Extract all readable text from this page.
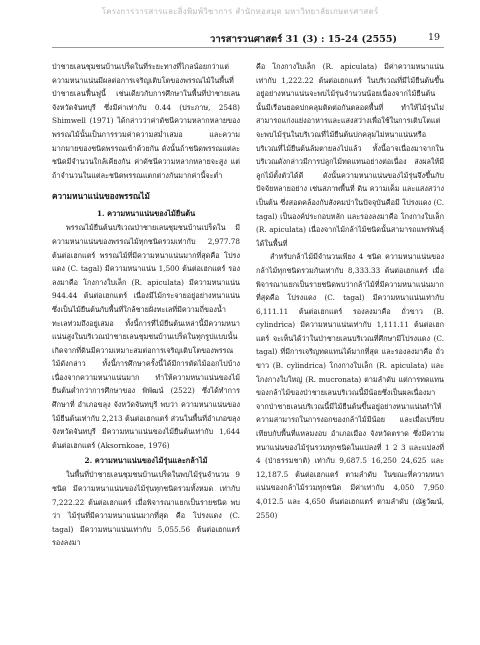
โครงการวารสารและสิ่งพิมพ์วิชาการ สำนักหอสมุด มหาวิทยาลัยเกษตรศาสตร์
วารสารวนศาสตร์ 31 (3) : 15-24 (2555)	19

ป่าชายเลนชุมชนบ้านเปร็ดในที่ระยะทางที่ไกลน้อยกว่าแต่ความหนาแน่นมีผลต่อการเจริญเติบโตของพรรณไม้ในพื้นที่ป่าชายเลนฟื้นฟูนี้ เช่นเดียวกับการศึกษาในพื้นที่ป่าชายเลนจังหวัดจันทบุรี ซึ่งมีค่าเท่ากับ 0.44 (ประภาษ, 2548) Shimwell (1971) ได้กล่าวว่าค่าดัชนีความหลากหลายของพรรณไม้นั้นเป็นการรวมค่าความสม่ำเสมอ และความมากมายของชนิดพรรณเข้าด้วยกัน ดังนั้นถ้าชนิดพรรณแต่ละชนิดมีจำนวนใกล้เคียงกัน ค่าดัชนีความหลากหลายจะสูง แต่ถ้าจำนวนในแต่ละชนิดพรรณแตกต่างกันมากค่านี้จะต่ำ

ความหนาแน่นของพรรณไม้
1. ความหนาแน่นของไม้ยืนต้น

พรรณไม้ยืนต้นบริเวณป่าชายเลนชุมชนบ้านเปร็ดใน มีความหนาแน่นของพรรณไม้ทุกชนิดรวมเท่ากับ 2,977.78 ต้นต่อเฮกแตร์ พรรณไม้ที่มีความหนาแน่นมากที่สุดคือ โปรงแดง (C. tagal) มีความหนาแน่น 1,500 ต้นต่อเฮกแตร์ รองลงมาคือ โกงกางใบเล็ก (R. apiculata) มีความหนาแน่น 944.44 ต้นต่อเฮกแตร์ เนื่องมีไม้กระจายอยู่อย่างหนาแน่นซึ่งเป็นไม้ยืนต้นกับพื้นที่ใกล้ชายฝั่งทะเลที่มีความถี่ของน้ำทะเลท่วมถึงอยู่เสมอ ทั้งนี้การที่ไม้ยืนต้นเหล่านี้มีความหนาแน่นสูงในบริเวณป่าชายเลนชุมชนบ้านเปร็ดในทุกรูปแบบนั้นเกิดจากที่ดินมีความเหมาะสมต่อการเจริญเติบโตของพรรณไม้ดังกล่าว ทั้งนี้การศึกษาครั้งนี้ได้มีการตัดไม้ออกไปบ้างเนื่องจากความหนาแน่นมาก ทำให้ความหนาแน่นของไม้ยืนต้นต่ำกว่าการศึกษาของ พิพัฒน์ (2522) ซึ่งได้ทำการศึกษาที่ อำเภอขลุง จังหวัดจันทบุรี พบว่า ความหนาแน่นของไม้ยืนต้นเท่ากับ 2,213 ต้นต่อเฮกแตร์ ส่วนในพื้นที่อำเภอขลุง จังหวัดจันทบุรี มีความหนาแน่นของไม้ยืนต้นเท่ากับ 1,644 ต้นต่อเฮกแตร์ (Aksornkoae, 1976)

2. ความหนาแน่นของไม้รุ่นและกล้าไม้

ในพื้นที่ป่าชายเลนชุมชนบ้านเปร็ดในพบไม้รุ่นจำนวน 9 ชนิด มีความหนาแน่นของไม้รุ่นทุกชนิดรวมทั้งหมด เท่ากับ 7,222.22 ต้นต่อเฮกแตร์ เมื่อพิจารณาแยกเป็นรายชนิด พบว่า ไม้รุ่นที่มีความหนาแน่นมากที่สุด คือ โปรงแดง (C. tagal) มีความหนาแน่นเท่ากับ 5,055.56 ต้นต่อเฮกแตร์ รองลงมา

คือ โกงกางใบเล็ก (R. apiculata) มีค่าความหนาแน่นเท่ากับ 1,222.22 ต้นต่อเฮกแตร์ ในบริเวณที่มีไม้ยืนต้นขึ้นอยู่อย่างหนาแน่นจะพบไม้รุ่นจำนวนน้อยเนื่องจากไม้ยืนต้นนั้นมีเรือนยอดปกคลุมติดต่อกันตลอดพื้นที่ ทำให้ไม้รุ่นไม่สามารถแก่งแย่งอาหารและแสงสว่างเพื่อใช้ในการเติบโตแต่จะพบไม้รุ่นในบริเวณที่ไม้ยืนต้นปกคลุมไม่หนาแน่นหรือบริเวณที่ไม้ยืนต้นล้มตายลงไปแล้ว ทั้งนี้อาจเนื่องมาจากในบริเวณดังกล่าวมีการปลูกไม้ทดแทนอย่างต่อเนื่อง ส่งผลให้มีลูกไม้ตั้งตัวได้ดี ดังนั้นความหนาแน่นของไม้รุ่นจึงขึ้นกับปัจจัยหลายอย่าง เช่นสภาพพื้นที่ ดิน ความเค็ม และแสงสว่าง เป็นต้น ซึ่งสอดคล้องกับสังคมป่าในปัจจุบันคือมี โปรงแดง (C. tagal) เป็นองค์ประกอบหลัก และรองลงมาคือ โกงกางใบเล็ก (R. apiculata) เนื่องจากไม้กล้าไม้ชนิดนั้นสามารถแพร่พันธุ์ได้ในพื้นที่

สำหรับกล้าไม้มีจำนวนเพียง 4 ชนิด ความหนาแน่นของกล้าไม้ทุกชนิดรวมกันเท่ากับ 8,333.33 ต้นต่อเฮกแตร์ เมื่อพิจารณาแยกเป็นรายชนิดพบว่ากล้าไม้ที่มีความหนาแน่นมากที่สุดคือ โปรงแดง (C. tagal) มีความหนาแน่นเท่ากับ 6,111.11 ต้นต่อเฮกแตร์ รองลงมาคือ ถั่วขาว (B. cylindrica) มีความหนาแน่นเท่ากับ 1,111.11 ต้นต่อเฮกแตร์ จะเห็นได้ว่าในป่าชายเลนบริเวณที่ศึกษามีโปรงแดง (C. tagal) ที่มีการเจริญทดแทนได้มากที่สุด และรองลงมาคือ ถั่วขาว (B. cylindrica) โกงกางใบเล็ก (R. apiculata) และโกงกางใบใหญ่ (R. mucronata) ตามลำดับ แต่การทดแทนของกล้าไม้ของป่าชายเลนบริเวณนี้มีน้อยซึ่งเป็นผลเนื่องมาจากป่าชายเลนบริเวณนี้มีไม้ยืนต้นขึ้นอยู่อย่างหนาแน่นทำให้ความสามารถในการงอกของกล้าไม้มีน้อย และเมื่อเปรียบเทียบกับพื้นที่แหลมงอบ อำเภอเมือง จังหวัดตราด ซึ่งมีความหนาแน่นของไม้รุ่นรวมทุกชนิดในแปลงที่ 1 2 3 และแปลงที่ 4 (ป่าธรรมชาติ) เท่ากับ 9,687.5 16,250 24,625 และ 12,187.5 ต้นต่อเฮกแตร์ ตามลำดับ ในขณะที่ความหนาแน่นของกล้าไม้รวมทุกชนิด มีค่าเท่ากับ 4,050 7,950 4,012.5 และ 4,650 ต้นต่อเฮกแตร์ ตามลำดับ (ณัฐวัฒน์, 2550)
